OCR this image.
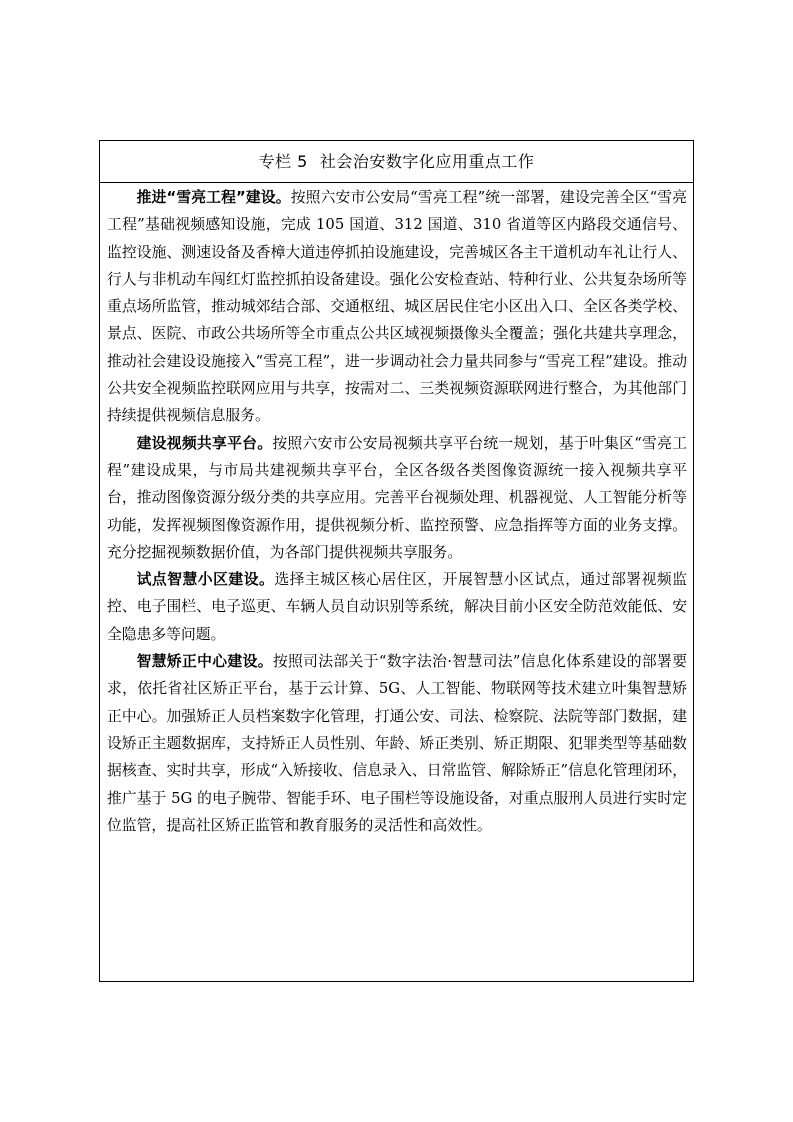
专栏 5 社会治安数字化应用重点工作

推进“雪亮工程”建设。按照六安市公安局“雪亮工程”统一部署，建设完善全区“雪亮工程”基础视频感知设施，完成 105 国道、312 国道、310 省道等区内路段交通信号、监控设施、测速设备及香樟大道违停抓拍设施建设，完善城区各主干道机动车礼让行人、行人与非机动车闯红灯监控抓拍设备建设。强化公安检查站、特种行业、公共复杂场所等重点场所监管，推动城郊结合部、交通枢纽、城区居民住宅小区出入口、全区各类学校、景点、医院、市政公共场所等全市重点公共区域视频摄像头全覆盖；强化共建共享理念，推动社会建设设施接入“雪亮工程”，进一步调动社会力量共同参与“雪亮工程”建设。推动公共安全视频监控联网应用与共享，按需对二、三类视频资源联网进行整合，为其他部门持续提供视频信息服务。

建设视频共享平台。按照六安市公安局视频共享平台统一规划，基于叶集区“雪亮工程”建设成果，与市局共建视频共享平台，全区各级各类图像资源统一接入视频共享平台，推动图像资源分级分类的共享应用。完善平台视频处理、机器视觉、人工智能分析等功能，发挥视频图像资源作用，提供视频分析、监控预警、应急指挥等方面的业务支撑。充分挖掘视频数据价值，为各部门提供视频共享服务。

试点智慧小区建设。选择主城区核心居住区，开展智慧小区试点，通过部署视频监控、电子围栏、电子巡更、车辆人员自动识别等系统，解决目前小区安全防范效能低、安全隐患多等问题。

智慧矫正中心建设。按照司法部关于“数字法治·智慧司法”信息化体系建设的部署要求，依托省社区矫正平台，基于云计算、5G、人工智能、物联网等技术建立叶集智慧矫正中心。加强矫正人员档案数字化管理，打通公安、司法、检察院、法院等部门数据，建设矫正主题数据库，支持矫正人员性别、年龄、矫正类别、矫正期限、犯罪类型等基础数据核查、实时共享，形成“入矫接收、信息录入、日常监管、解除矫正”信息化管理闭环，推广基于 5G 的电子腕带、智能手环、电子围栏等设施设备，对重点服刑人员进行实时定位监管，提高社区矫正监管和教育服务的灵活性和高效性。
